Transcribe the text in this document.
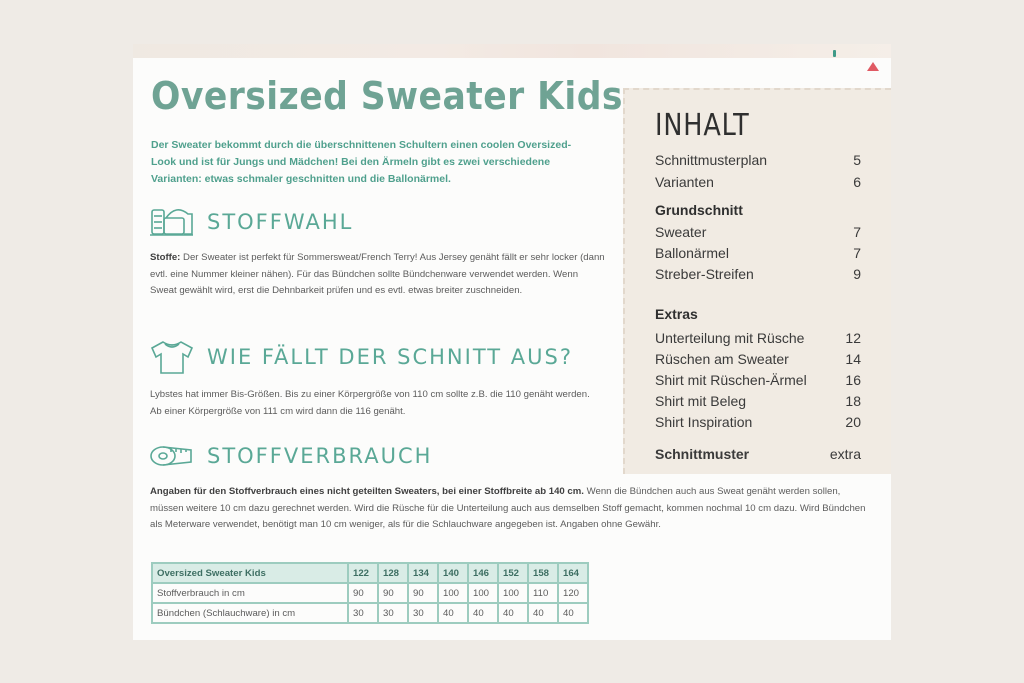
Oversized Sweater Kids

Der Sweater bekommt durch die überschnittenen Schultern einen coolen Oversized-Look und ist für Jungs und Mädchen! Bei den Ärmeln gibt es zwei verschiedene Varianten: etwas schmaler geschnitten und die Ballonärmel.

STOFFWAHL

Stoffe: Der Sweater ist perfekt für Sommersweat/French Terry! Aus Jersey genäht fällt er sehr locker (dann evtl. eine Nummer kleiner nähen). Für das Bündchen sollte Bündchenware verwendet werden. Wenn Sweat gewählt wird, erst die Dehnbarkeit prüfen und es evtl. etwas breiter zuschneiden.

WIE FÄLLT DER SCHNITT AUS?

Lybstes hat immer Bis-Größen. Bis zu einer Körpergröße von 110 cm sollte z.B. die 110 genäht werden. Ab einer Körpergröße von 111 cm wird dann die 116 genäht.

STOFFVERBRAUCH

Angaben für den Stoffverbrauch eines nicht geteilten Sweaters, bei einer Stoffbreite ab 140 cm. Wenn die Bündchen auch aus Sweat genäht werden sollen, müssen weitere 10 cm dazu gerechnet werden. Wird die Rüsche für die Unterteilung auch aus demselben Stoff gemacht, kommen nochmal 10 cm dazu. Wird Bündchen als Meterware verwendet, benötigt man 10 cm weniger, als für die Schlauchware angegeben ist. Angaben ohne Gewähr.

Oversized Sweater Kids	122	128	134	140	146	152	158	164
Stoffverbrauch in cm	90	90	90	100	100	100	110	120
Bündchen (Schlauchware) in cm	30	30	30	40	40	40	40	40
INHALT
Schnittmusterplan	5
Varianten	6
Grundschnitt
Sweater	7
Ballonärmel	7
Streber-Streifen	9
Extras
Unterteilung mit Rüsche	12
Rüschen am Sweater	14
Shirt mit Rüschen-Ärmel	16
Shirt mit Beleg	18
Shirt Inspiration	20
Schnittmuster	extra
